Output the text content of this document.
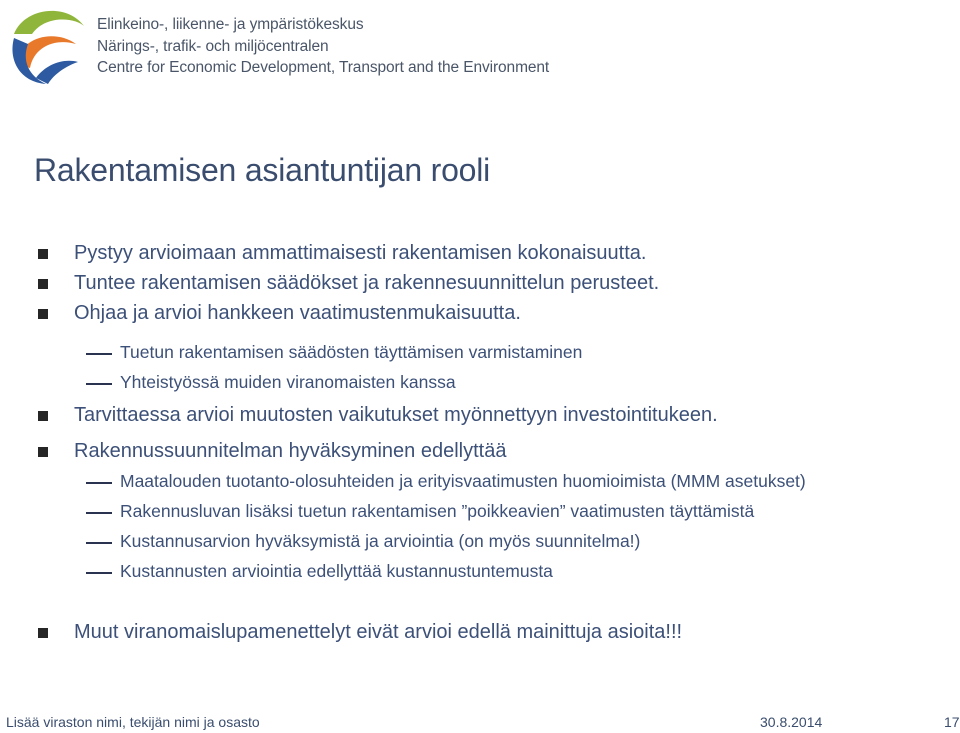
Elinkeino-, liikenne- ja ympäristökeskus
Närings-, trafik- och miljöcentralen
Centre for Economic Development, Transport and the Environment
Rakentamisen asiantuntijan rooli
Pystyy arvioimaan ammattimaisesti rakentamisen kokonaisuutta.
Tuntee rakentamisen säädökset ja rakennesuunnittelun perusteet.
Ohjaa ja arvioi hankkeen vaatimustenmukaisuutta.
Tuetun rakentamisen säädösten täyttämisen varmistaminen
Yhteistyössä muiden viranomaisten kanssa
Tarvittaessa arvioi muutosten vaikutukset myönnettyyn investointitukeen.
Rakennussuunnitelman hyväksyminen edellyttää
Maatalouden tuotanto-olosuhteiden ja erityisvaatimusten huomioimista (MMM asetukset)
Rakennusluvan lisäksi tuetun rakentamisen ”poikkeavien” vaatimusten täyttämistä
Kustannusarvion hyväksymistä ja arviointia (on myös suunnitelma!)
Kustannusten arviointia edellyttää kustannustuntemusta
Muut viranomaislupamenettelyt eivät arvioi edellä mainittuja asioita!!!
Lisää viraston nimi, tekijän nimi ja osasto	30.8.2014	17
